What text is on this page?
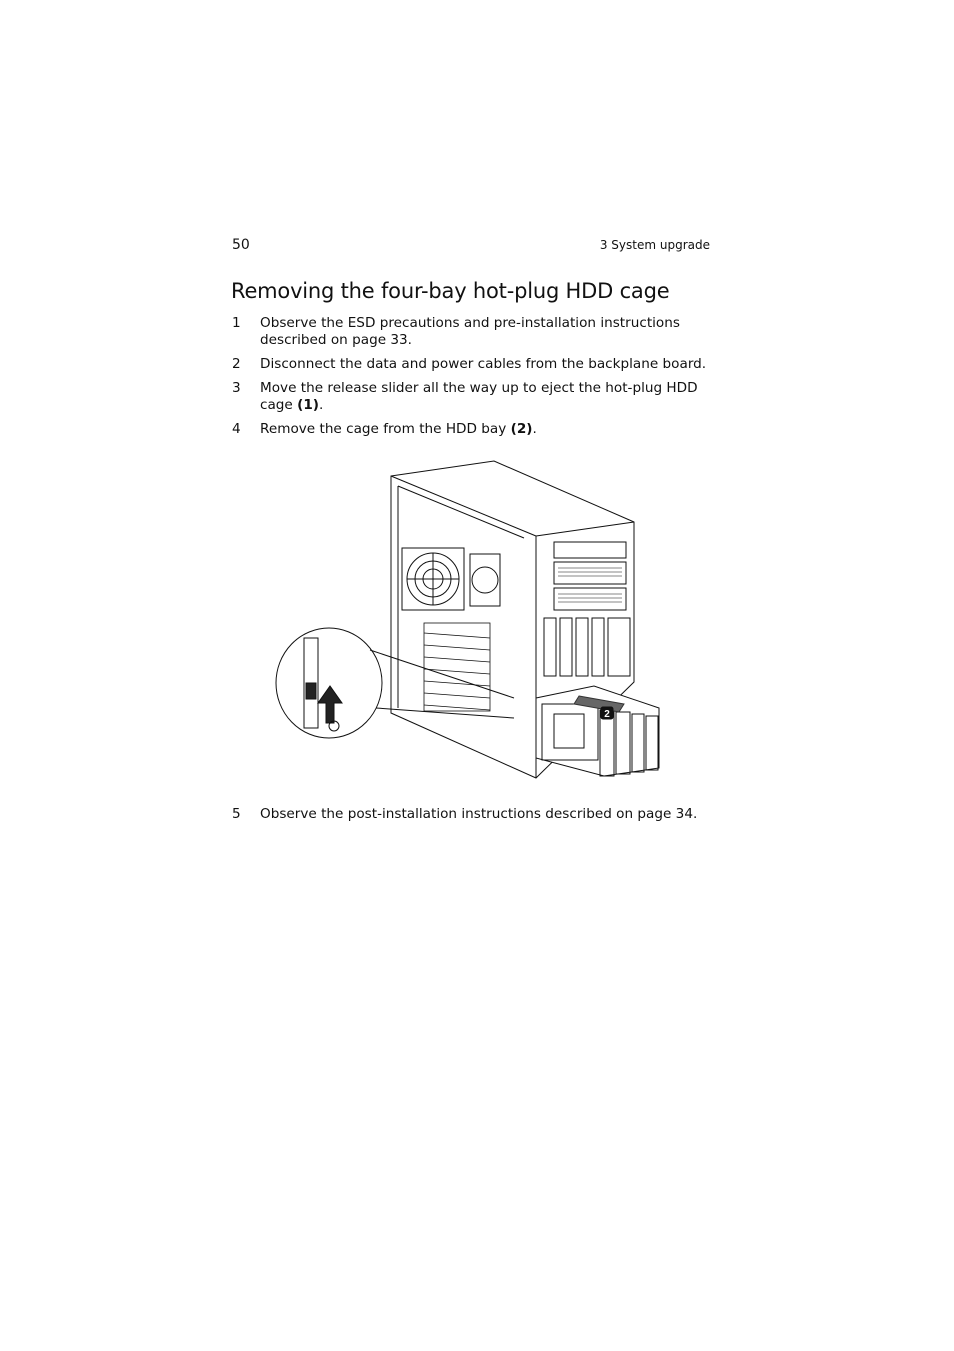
50	3 System upgrade
Removing the four-bay hot-plug HDD cage
1	Observe the ESD precautions and pre-installation instructions described on page 33.
2	Disconnect the data and power cables from the backplane board.
3	Move the release slider all the way up to eject the hot-plug HDD cage (1).
4	Remove the cage from the HDD bay (2).
2
5	Observe the post-installation instructions described on page 34.
